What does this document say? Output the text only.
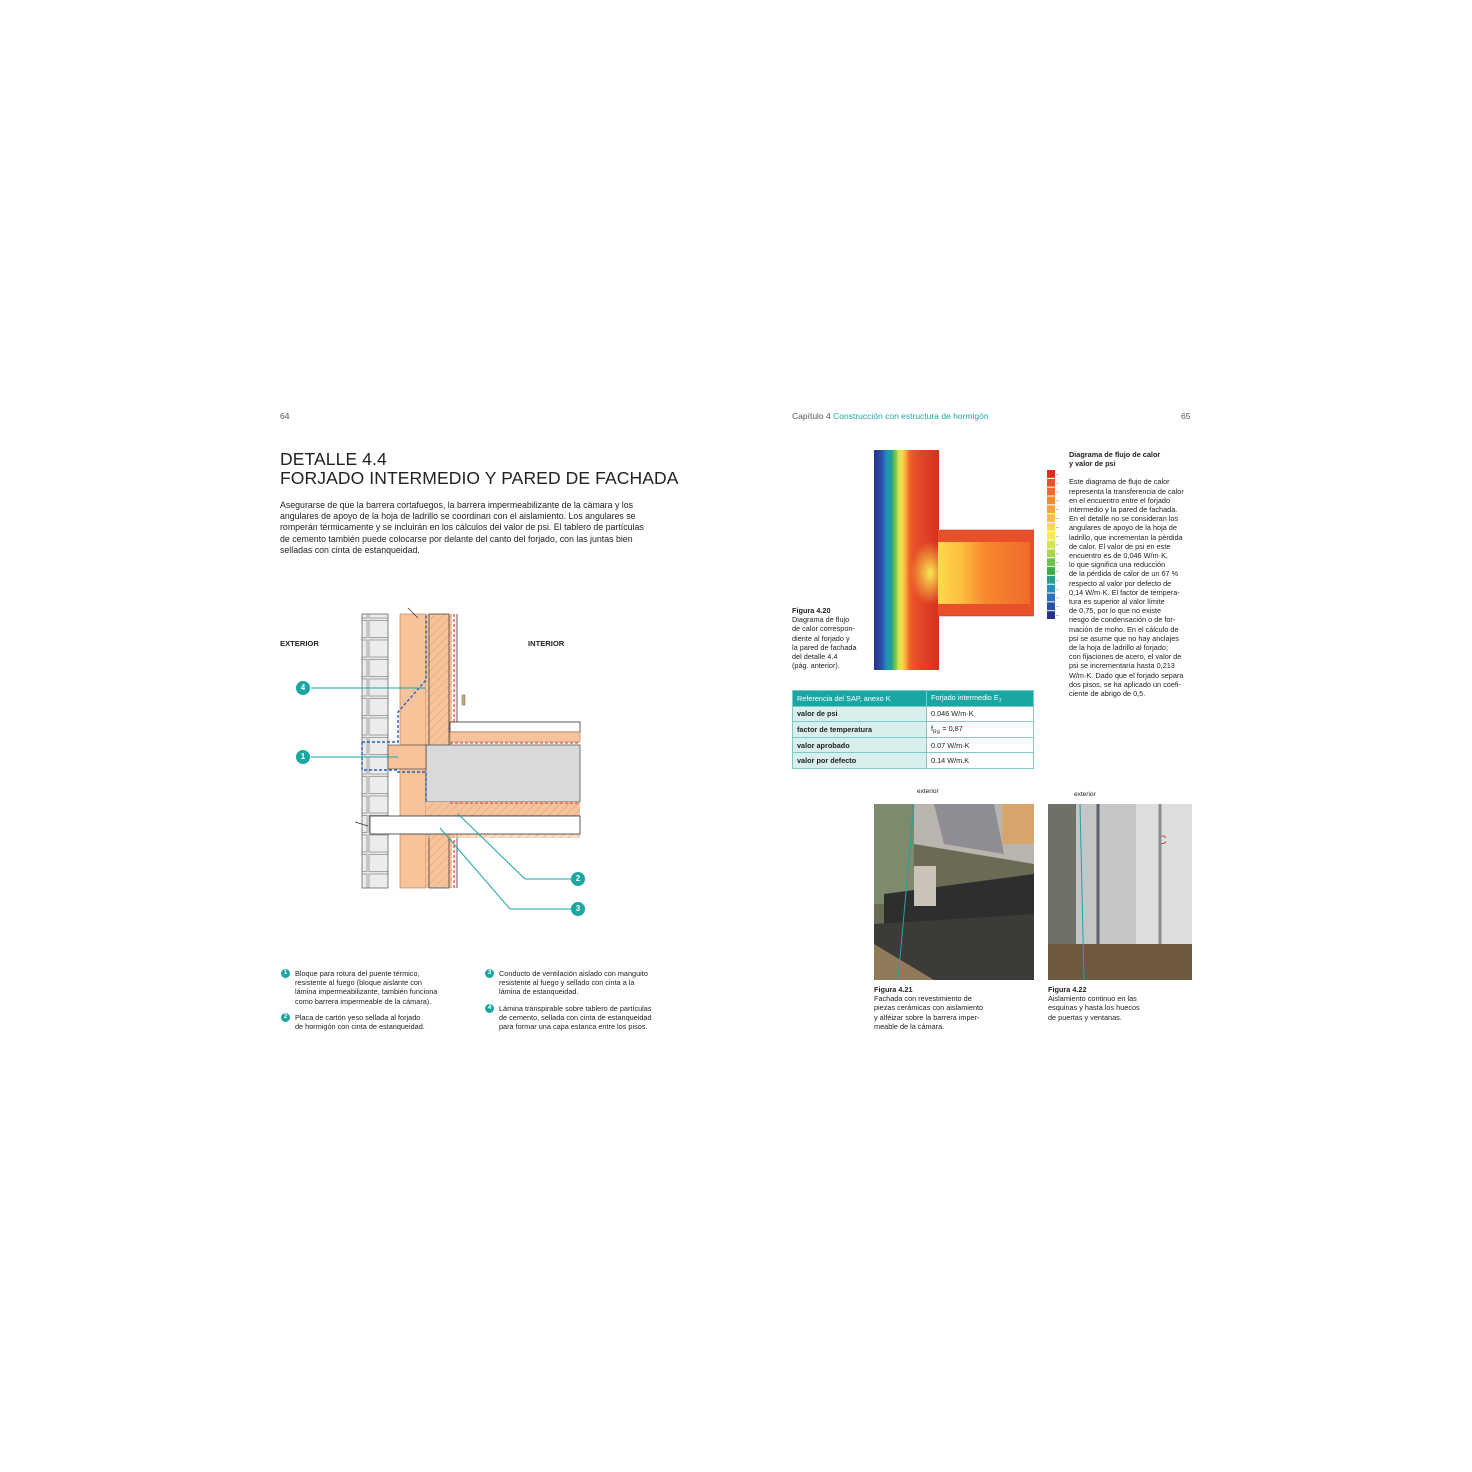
64
DETALLE 4.4
FORJADO INTERMEDIO Y PARED DE FACHADA
Asegurarse de que la barrera cortafuegos, la barrera impermeabilizante de la cámara y los
angulares de apoyo de la hoja de ladrillo se coordinan con el aislamiento. Los angulares se
romperán térmicamente y se incluirán en los cálculos del valor de psi. El tablero de partículas
de cemento también puede colocarse por delante del canto del forjado, con las juntas bien
selladas con cinta de estanqueidad.
EXTERIOR	INTERIOR
4
1
2
3
1 Bloque para rotura del puente térmico,
resistente al fuego (bloque aislante con
lámina impermeabilizante, también funciona
como barrera impermeable de la cámara).
2 Placa de cartón yeso sellada al forjado
de hormigón con cinta de estanqueidad.
3 Conducto de ventilación aislado con manguito
resistente al fuego y sellado con cinta a la
lámina de estanqueidad.
4 Lámina transpirable sobre tablero de partículas
de cemento, sellada con cinta de estanqueidad
para formar una capa estanca entre los pisos.
Capítulo 4 Construcción con estructura de hormigón	65
Figura 4.20
Diagrama de flujo
de calor correspon-
diente al forjado y
la pared de fachada
del detalle 4.4
(pág. anterior).
Diagrama de flujo de calor
y valor de psi
Este diagrama de flujo de calor
representa la transferencia de calor
en el encuentro entre el forjado
intermedio y la pared de fachada.
En el detalle no se consideran los
angulares de apoyo de la hoja de
ladrillo, que incrementan la pérdida
de calor. El valor de psi en este
encuentro es de 0,046 W/m·K,
lo que significa una reducción
de la pérdida de calor de un 67 %
respecto al valor por defecto de
0,14 W/m·K. El factor de tempera-
tura es superior al valor límite
de 0,75, por lo que no existe
riesgo de condensación o de for-
mación de moho. En el cálculo de
psi se asume que no hay anclajes
de la hoja de ladrillo al forjado;
con fijaciones de acero, el valor de
psi se incrementaría hasta 0,213
W/m·K. Dado que el forjado separa
dos pisos, se ha aplicado un coefi-
ciente de abrigo de 0,5.
Referencia del SAP, anexo K	Forjado intermedio $E_7$
valor de psi	0.046 W/m·K
factor de temperatura	$f_{Rsi} = 0,87$
valor aprobado	0.07 W/m·K
valor por defecto	0.14 W/m.K
exterior
Figura 4.21
Fachada con revestimiento de
piezas cerámicas con aislamiento
y alféizar sobre la barrera imper-
meable de la cámara.
exterior
C
Figura 4.22
Aislamiento continuo en las
esquinas y hasta los huecos
de puertas y ventanas.
